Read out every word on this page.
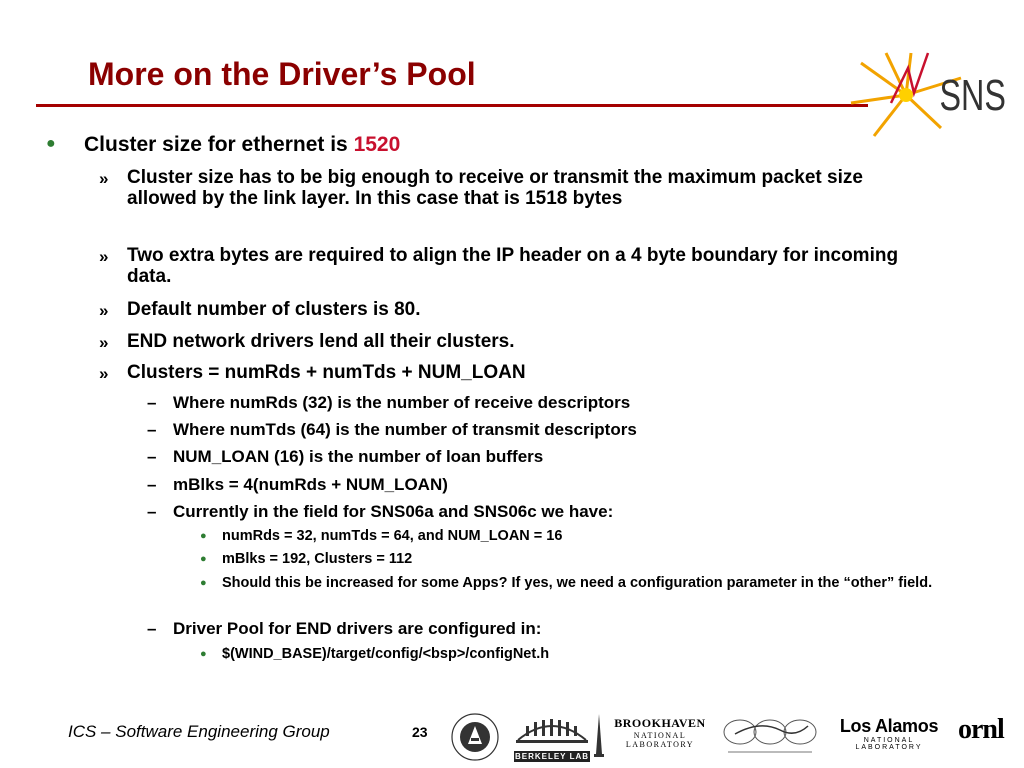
More on the Driver’s Pool	SNS
● Cluster size for ethernet is 1520
» Cluster size has to be big enough to receive or transmit the maximum packet size allowed by the link layer. In this case that is 1518 bytes
» Two extra bytes are required to align the IP header on a 4 byte boundary for incoming data.
» Default number of clusters is 80.
» END network drivers lend all their clusters.
» Clusters = numRds + numTds + NUM_LOAN
– Where numRds (32) is the number of receive descriptors
– Where numTds (64) is the number of transmit descriptors
– NUM_LOAN (16) is the number of loan buffers
– mBlks = 4(numRds + NUM_LOAN)
– Currently in the field for SNS06a and SNS06c we have:
● numRds = 32, numTds = 64, and NUM_LOAN = 16
● mBlks = 192, Clusters = 112
● Should this be increased for some Apps? If yes, we need a configuration parameter in the “other” field.
– Driver Pool for END drivers are configured in:
● $(WIND_BASE)/target/config/<bsp>/configNet.h
ICS – Software Engineering Group	23
BERKELEY LAB
BROOKHAVEN
NATIONAL LABORATORY
Los Alamos
NATIONAL LABORATORY
ornl
